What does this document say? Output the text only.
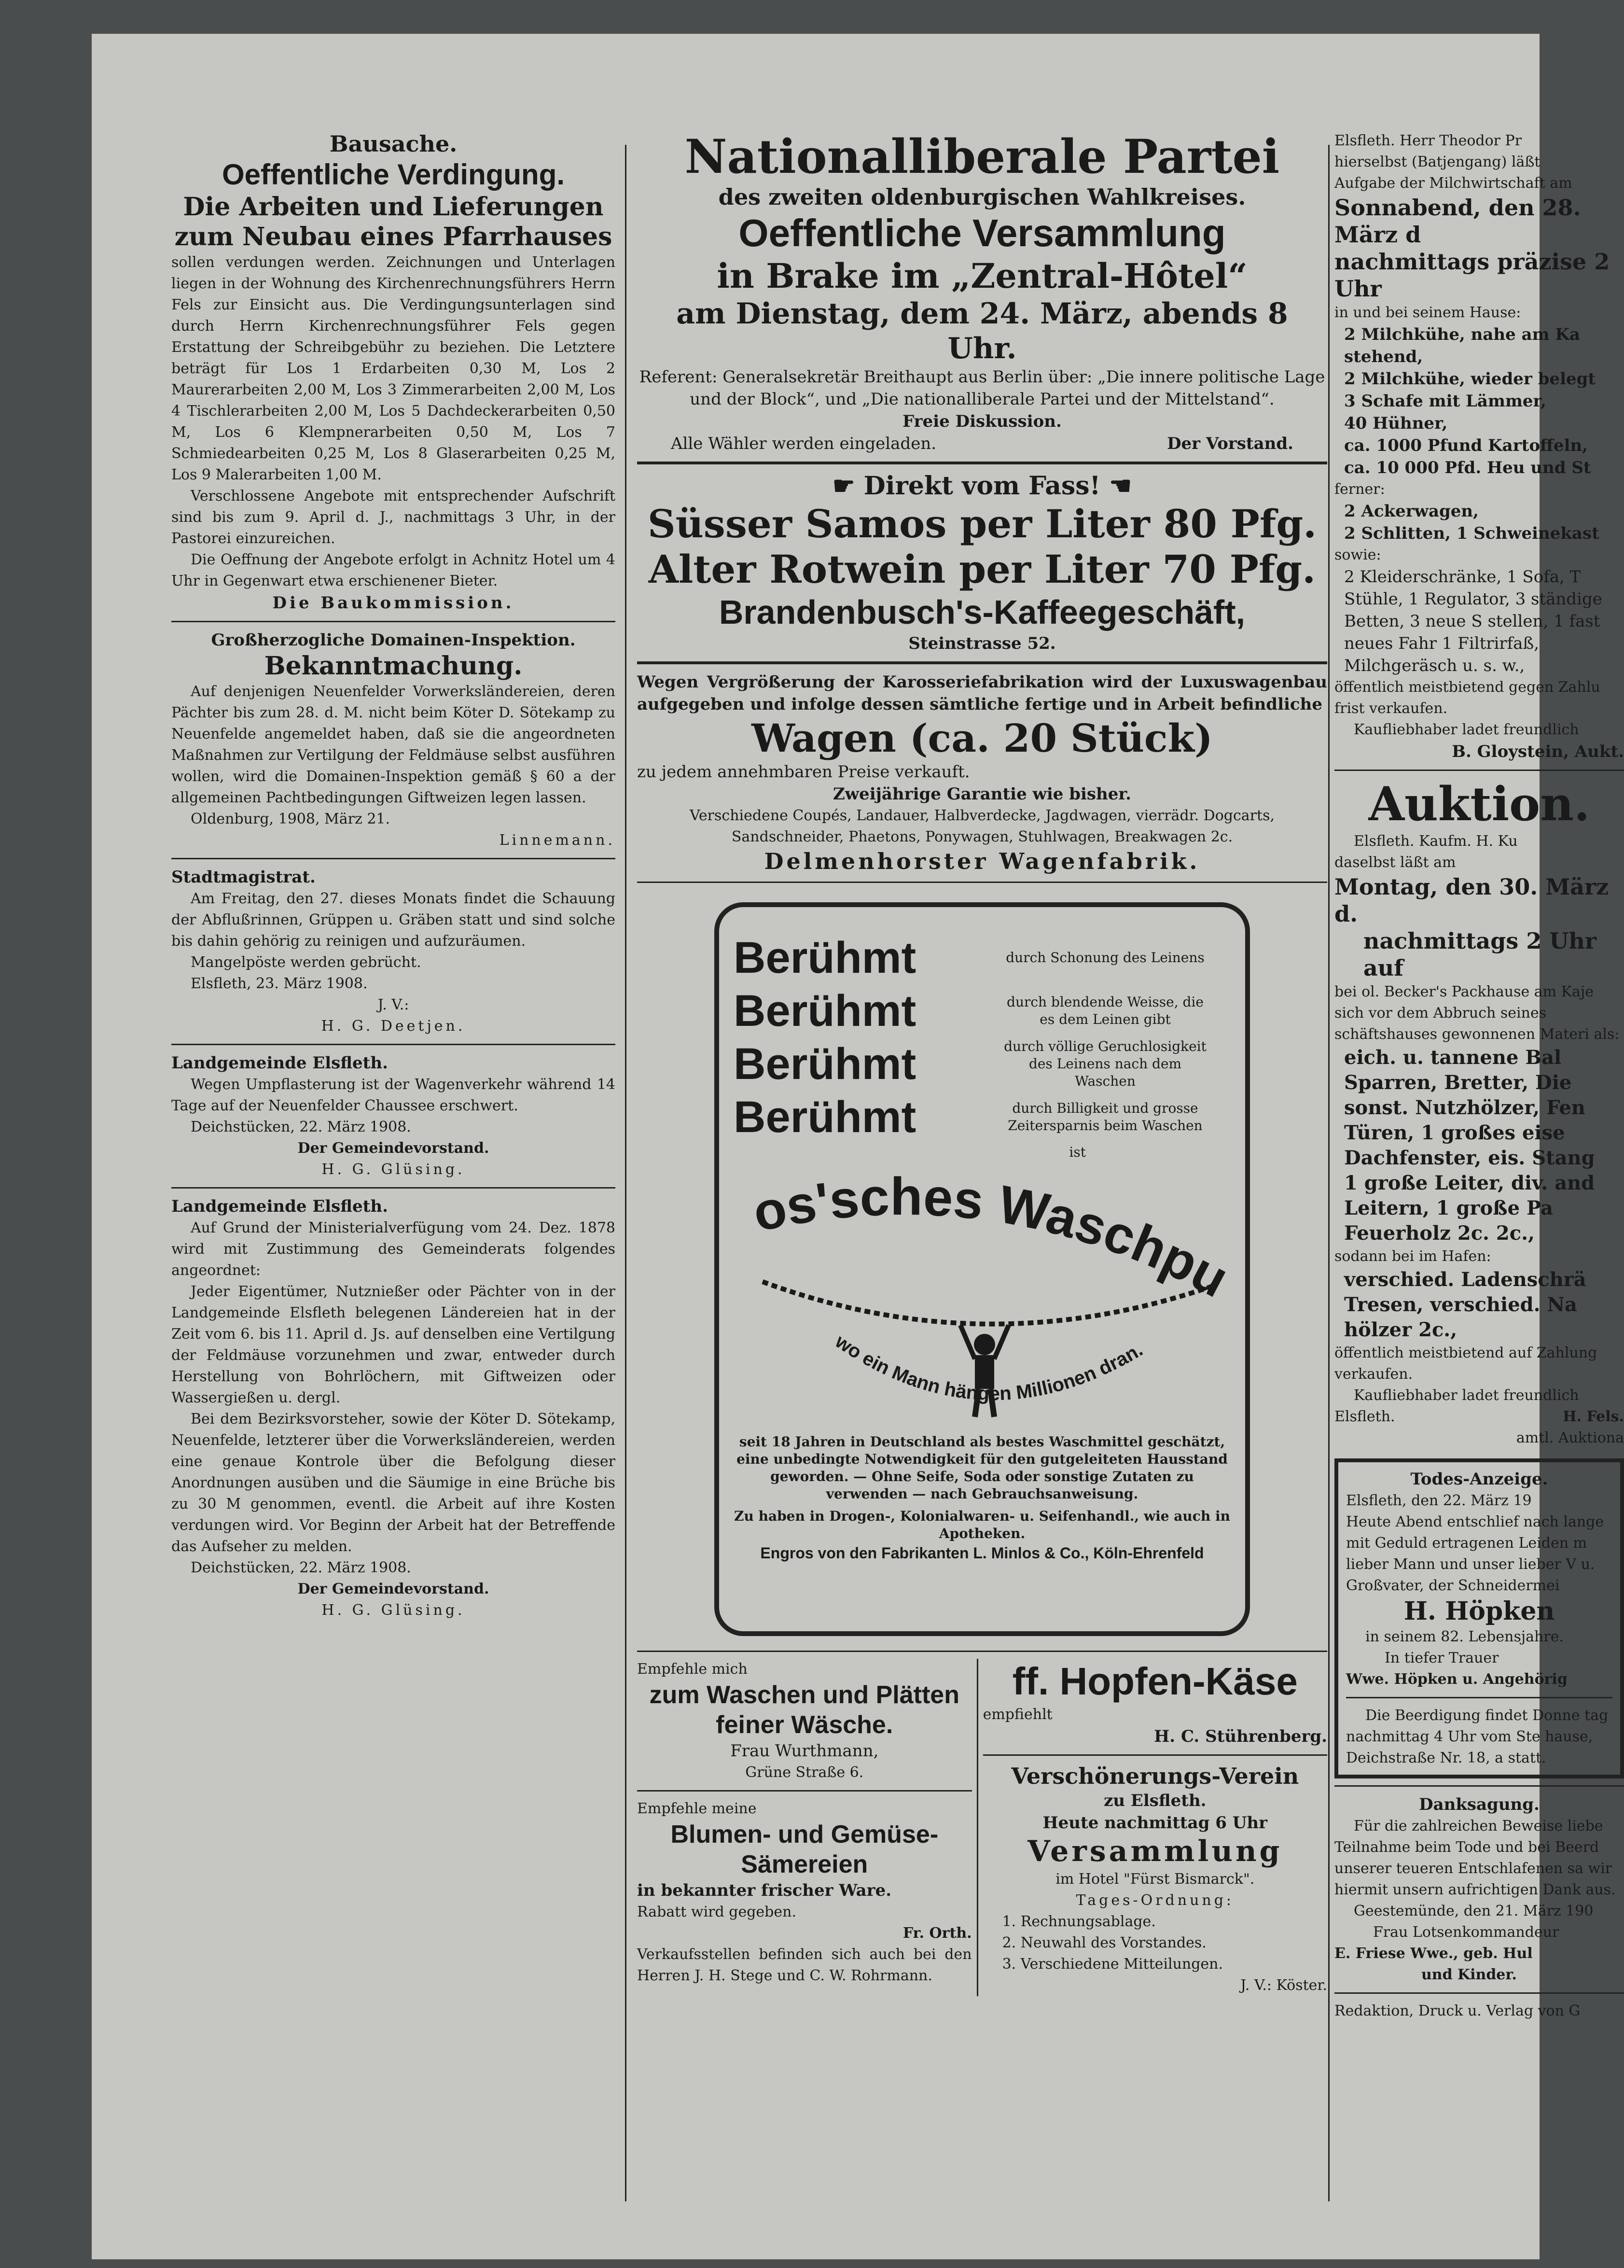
Bausache.

Oeffentliche Verdingung.

Die Arbeiten und Lieferungen zum Neubau eines Pfarrhauses

sollen verdungen werden. Zeichnungen und Unterlagen liegen in der Wohnung des Kirchenrechnungsführers Herrn Fels zur Einsicht aus. Die Verdingungsunterlagen sind durch Herrn Kirchenrechnungsführer Fels gegen Erstattung der Schreibgebühr zu beziehen. Die Letztere beträgt für Los 1 Erdarbeiten 0,30 M, Los 2 Maurerarbeiten 2,00 M, Los 3 Zimmerarbeiten 2,00 M, Los 4 Tischlerarbeiten 2,00 M, Los 5 Dachdeckerarbeiten 0,50 M, Los 6 Klempnerarbeiten 0,50 M, Los 7 Schmiedearbeiten 0,25 M, Los 8 Glaserarbeiten 0,25 M, Los 9 Malerarbeiten 1,00 M.

Verschlossene Angebote mit entsprechender Aufschrift sind bis zum 9. April d. J., nachmittags 3 Uhr, in der Pastorei einzureichen.

Die Oeffnung der Angebote erfolgt in Achnitz Hotel um 4 Uhr in Gegenwart etwa erschienener Bieter.

Die Baukommission.

Großherzogliche Domainen-Inspektion.

Bekanntmachung.

Auf denjenigen Neuenfelder Vorwerksländereien, deren Pächter bis zum 28. d. M. nicht beim Köter D. Sötekamp zu Neuenfelde angemeldet haben, daß sie die angeordneten Maßnahmen zur Vertilgung der Feldmäuse selbst ausführen wollen, wird die Domainen-Inspektion gemäß § 60 a der allgemeinen Pachtbedingungen Giftweizen legen lassen.

Oldenburg, 1908, März 21.

Linnemann.

Stadtmagistrat.

Am Freitag, den 27. dieses Monats findet die Schauung der Abflußrinnen, Grüppen u. Gräben statt und sind solche bis dahin gehörig zu reinigen und aufzuräumen.

Mangelpöste werden gebrücht.

Elsfleth, 23. März 1908.

J. V.:

H. G. Deetjen.

Landgemeinde Elsfleth.

Wegen Umpflasterung ist der Wagenverkehr während 14 Tage auf der Neuenfelder Chaussee erschwert.

Deichstücken, 22. März 1908.

Der Gemeindevorstand.

H. G. Glüsing.

Landgemeinde Elsfleth.

Auf Grund der Ministerialverfügung vom 24. Dez. 1878 wird mit Zustimmung des Gemeinderats folgendes angeordnet:

Jeder Eigentümer, Nutznießer oder Pächter von in der Landgemeinde Elsfleth belegenen Ländereien hat in der Zeit vom 6. bis 11. April d. Js. auf denselben eine Vertilgung der Feldmäuse vorzunehmen und zwar, entweder durch Herstellung von Bohrlöchern, mit Giftweizen oder Wassergießen u. dergl.

Bei dem Bezirksvorsteher, sowie der Köter D. Sötekamp, Neuenfelde, letzterer über die Vorwerksländereien, werden eine genaue Kontrole über die Befolgung dieser Anordnungen ausüben und die Säumige in eine Brüche bis zu 30 M genommen, eventl. die Arbeit auf ihre Kosten verdungen wird. Vor Beginn der Arbeit hat der Betreffende das Aufseher zu melden.

Deichstücken, 22. März 1908.

Der Gemeindevorstand.

H. G. Glüsing.

Nationalliberale Partei

des zweiten oldenburgischen Wahlkreises.

Oeffentliche Versammlung

in Brake im „Zentral-Hôtel“

am Dienstag, dem 24. März, abends 8 Uhr.

Referent: Generalsekretär Breithaupt aus Berlin über: „Die innere politische Lage und der Block“, und „Die nationalliberale Partei und der Mittelstand“.

Freie Diskussion.

Alle Wähler werden eingeladen.	Der Vorstand.

☛ Direkt vom Fass! ☚

Süsser Samos per Liter 80 Pfg.

Alter Rotwein per Liter 70 Pfg.

Brandenbusch's-Kaffeegeschäft,

Steinstrasse 52.

Wegen Vergrößerung der Karosseriefabrikation wird der Luxuswagenbau aufgegeben und infolge dessen sämtliche fertige und in Arbeit befindliche

Wagen (ca. 20 Stück)

zu jedem annehmbaren Preise verkauft.

Zweijährige Garantie wie bisher.

Verschiedene Coupés, Landauer, Halbverdecke, Jagdwagen, vierrädr. Dogcarts, Sandschneider, Phaetons, Ponywagen, Stuhlwagen, Breakwagen 2c.

Delmenhorster Wagenfabrik.

Berühmt	durch Schonung des Leinens

Berühmt	durch blendende Weisse, die es dem Leinen gibt

Berühmt	durch völlige Geruchlosigkeit des Leinens nach dem Waschen

Berühmt	durch Billigkeit und grosse Zeitersparnis beim Waschen

ist

Minlos'sches Waschpulver
wo ein Mann hängen Millionen dran.

seit 18 Jahren in Deutschland als bestes Waschmittel geschätzt, eine unbedingte Notwendigkeit für den gutgeleiteten Hausstand geworden. — Ohne Seife, Soda oder sonstige Zutaten zu verwenden — nach Gebrauchsanweisung.

Zu haben in Drogen-, Kolonialwaren- u. Seifenhandl., wie auch in Apotheken.

Engros von den Fabrikanten L. Minlos & Co., Köln-Ehrenfeld

Empfehle mich

zum Waschen und Plätten

feiner Wäsche.

Frau Wurthmann,

Grüne Straße 6.

Empfehle meine

Blumen- und Gemüse-Sämereien

in bekannter frischer Ware.

Rabatt wird gegeben.

Fr. Orth.

Verkaufsstellen befinden sich auch bei den Herren J. H. Stege und C. W. Rohrmann.

ff. Hopfen-Käse

empfiehlt

H. C. Stührenberg.

Verschönerungs-Verein

zu Elsfleth.

Heute nachmittag 6 Uhr

Versammlung

im Hotel "Fürst Bismarck".

Tages-Ordnung:

1. Rechnungsablage.

2. Neuwahl des Vorstandes.

3. Verschiedene Mitteilungen.

J. V.: Köster.

Elsfleth. Herr Theodor Pr

hierselbst (Batjengang) läßt

Aufgabe der Milchwirtschaft am

Sonnabend, den 28. März d

nachmittags präzise 2 Uhr

in und bei seinem Hause:

2 Milchkühe, nahe am Ka stehend,

2 Milchkühe, wieder belegt

3 Schafe mit Lämmer,

40 Hühner,

ca. 1000 Pfund Kartoffeln,

ca. 10 000 Pfd. Heu und St

ferner:

2 Ackerwagen,

2 Schlitten, 1 Schweinekast

sowie:

2 Kleiderschränke, 1 Sofa, T Stühle, 1 Regulator, 3 ständige Betten, 3 neue S stellen, 1 fast neues Fahr 1 Filtrirfaß, Milchgeräsch u. s. w.,

öffentlich meistbietend gegen Zahlu frist verkaufen.

Kaufliebhaber ladet freundlich

B. Gloystein, Aukt.

Auktion.

Elsfleth. Kaufm. H. Ku

daselbst läßt am

Montag, den 30. März d.

nachmittags 2 Uhr auf

bei ol. Becker's Packhause am Kaje sich vor dem Abbruch seines schäftshauses gewonnenen Materi als:

eich. u. tannene Bal

Sparren, Bretter, Die

sonst. Nutzhölzer, Fen

Türen, 1 großes eise

Dachfenster, eis. Stang

1 große Leiter, div. and

Leitern, 1 große Pa

Feuerholz 2c. 2c.,

sodann bei im Hafen:

verschied. Ladenschrä

Tresen, verschied. Na

hölzer 2c.,

öffentlich meistbietend auf Zahlung verkaufen.

Kaufliebhaber ladet freundlich

Elsfleth.	H. Fels.

amtl. Auktiona

Todes-Anzeige.

Elsfleth, den 22. März 19

Heute Abend entschlief nach lange mit Geduld ertragenen Leiden m lieber Mann und unser lieber V u. Großvater, der Schneidermei

H. Höpken

in seinem 82. Lebensjahre.

In tiefer Trauer

Wwe. Höpken u. Angehörig

Die Beerdigung findet Donne tag nachmittag 4 Uhr vom Ste hause, Deichstraße Nr. 18, a statt.

Danksagung.

Für die zahlreichen Beweise liebe Teilnahme beim Tode und bei Beerd unserer teueren Entschlafenen sa wir hiermit unsern aufrichtigen Dank aus.

Geestemünde, den 21. März 190

Frau Lotsenkommandeur

E. Friese Wwe., geb. Hul

und Kinder.

Redaktion, Druck u. Verlag von G
